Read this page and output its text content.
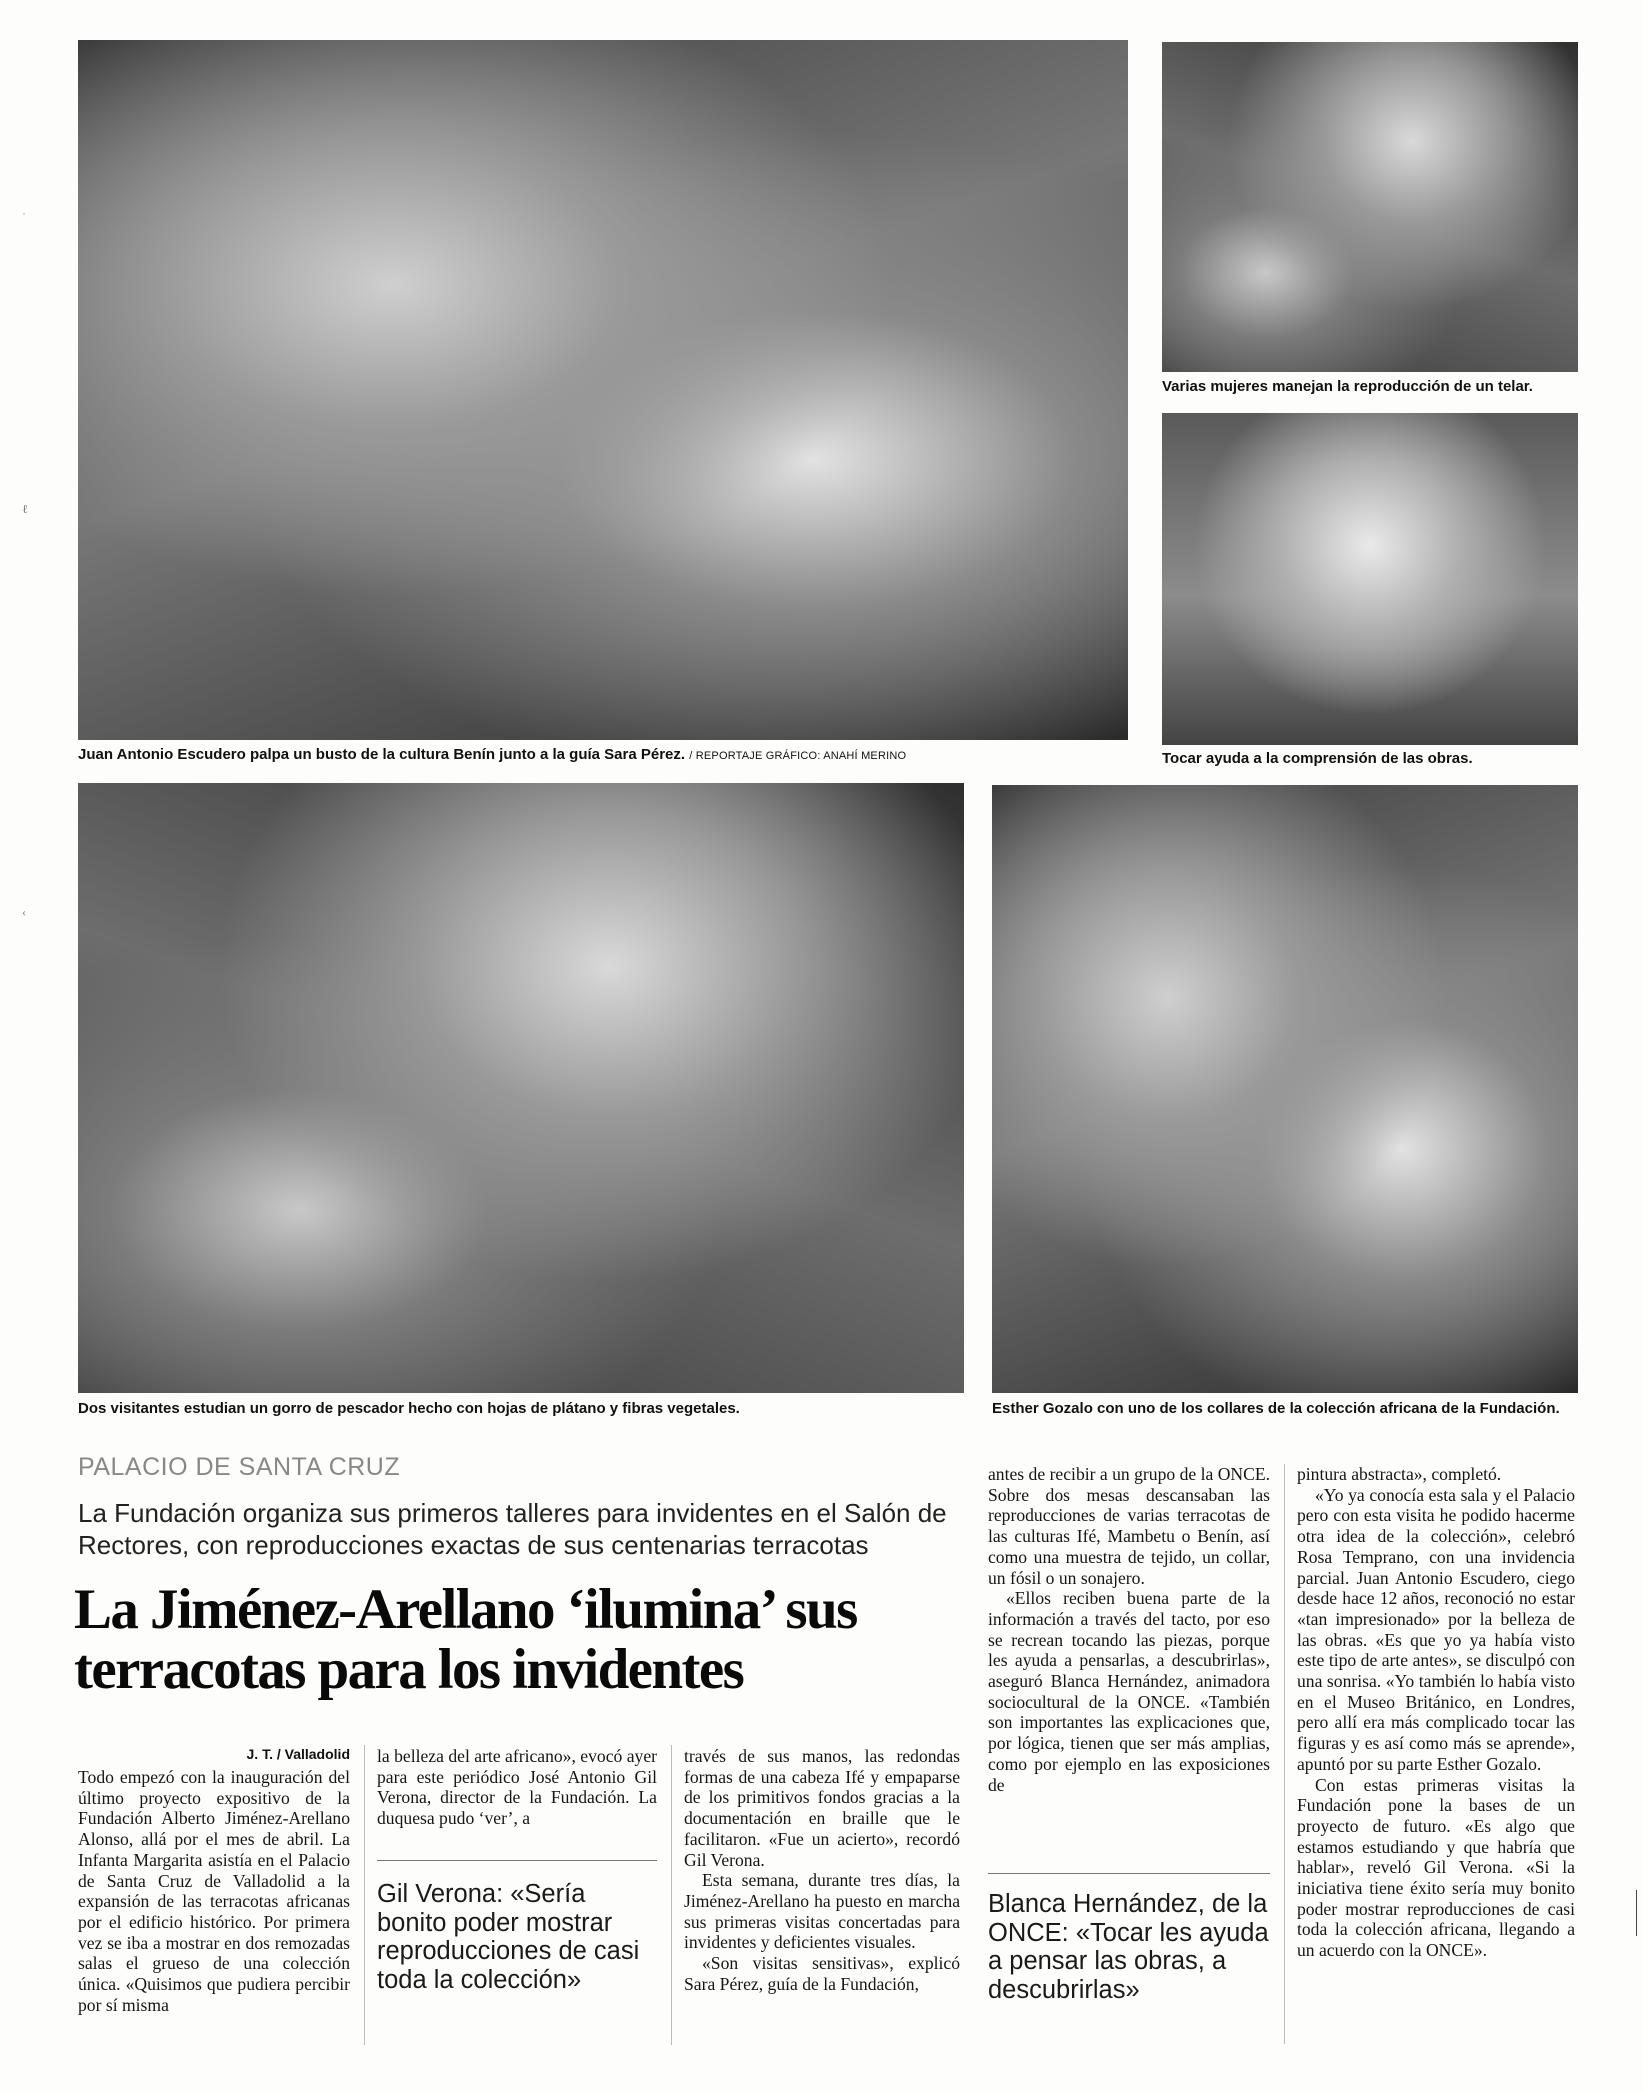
Juan Antonio Escudero palpa un busto de la cultura Benín junto a la guía Sara Pérez. / REPORTAJE GRÁFICO: ANAHÍ MERINO
Varias mujeres manejan la reproducción de un telar.
Tocar ayuda a la comprensión de las obras.
Dos visitantes estudian un gorro de pescador hecho con hojas de plátano y fibras vegetales.	Esther Gozalo con uno de los collares de la colección africana de la Fundación.
˙
ℓ
‹
PALACIO DE SANTA CRUZ
La Fundación organiza sus primeros talleres para invidentes en el Salón de Rectores, con reproducciones exactas de sus centenarias terracotas
La Jiménez-Arellano ‘ilumina’ sus terracotas para los invidentes
J. T. / Valladolid

Todo empezó con la inauguración del último proyecto expositivo de la Fundación Alberto Jiménez-Arellano Alonso, allá por el mes de abril. La Infanta Margarita asistía en el Palacio de Santa Cruz de Valladolid a la expansión de las terracotas africanas por el edificio histórico. Por primera vez se iba a mostrar en dos remozadas salas el grueso de una colección única. «Quisimos que pudiera percibir por sí misma

la belleza del arte africano», evocó ayer para este periódico José Antonio Gil Verona, director de la Fundación. La duquesa pudo ‘ver’, a

Gil Verona: «Sería bonito poder mostrar reproducciones de casi toda la colección»

través de sus manos, las redondas formas de una cabeza Ifé y empaparse de los primitivos fondos gracias a la documentación en braille que le facilitaron. «Fue un acierto», recordó Gil Verona.

Esta semana, durante tres días, la Jiménez-Arellano ha puesto en marcha sus primeras visitas concertadas para invidentes y deficientes visuales.

«Son visitas sensitivas», explicó Sara Pérez, guía de la Fundación,

antes de recibir a un grupo de la ONCE. Sobre dos mesas descansaban las reproducciones de varias terracotas de las culturas Ifé, Mambetu o Benín, así como una muestra de tejido, un collar, un fósil o un sonajero.

«Ellos reciben buena parte de la información a través del tacto, por eso se recrean tocando las piezas, porque les ayuda a pensarlas, a descubrirlas», aseguró Blanca Hernández, animadora sociocultural de la ONCE. «También son importantes las explicaciones que, por lógica, tienen que ser más amplias, como por ejemplo en las exposiciones de

Blanca Hernández, de la ONCE: «Tocar les ayuda a pensar las obras, a descubrirlas»

pintura abstracta», completó.

«Yo ya conocía esta sala y el Palacio pero con esta visita he podido hacerme otra idea de la colección», celebró Rosa Temprano, con una invidencia parcial. Juan Antonio Escudero, ciego desde hace 12 años, reconoció no estar «tan impresionado» por la belleza de las obras. «Es que yo ya había visto este tipo de arte antes», se disculpó con una sonrisa. «Yo también lo había visto en el Museo Británico, en Londres, pero allí era más complicado tocar las figuras y es así como más se aprende», apuntó por su parte Esther Gozalo.

Con estas primeras visitas la Fundación pone la bases de un proyecto de futuro. «Es algo que estamos estudiando y que habría que hablar», reveló Gil Verona. «Si la iniciativa tiene éxito sería muy bonito poder mostrar reproducciones de casi toda la colección africana, llegando a un acuerdo con la ONCE».
